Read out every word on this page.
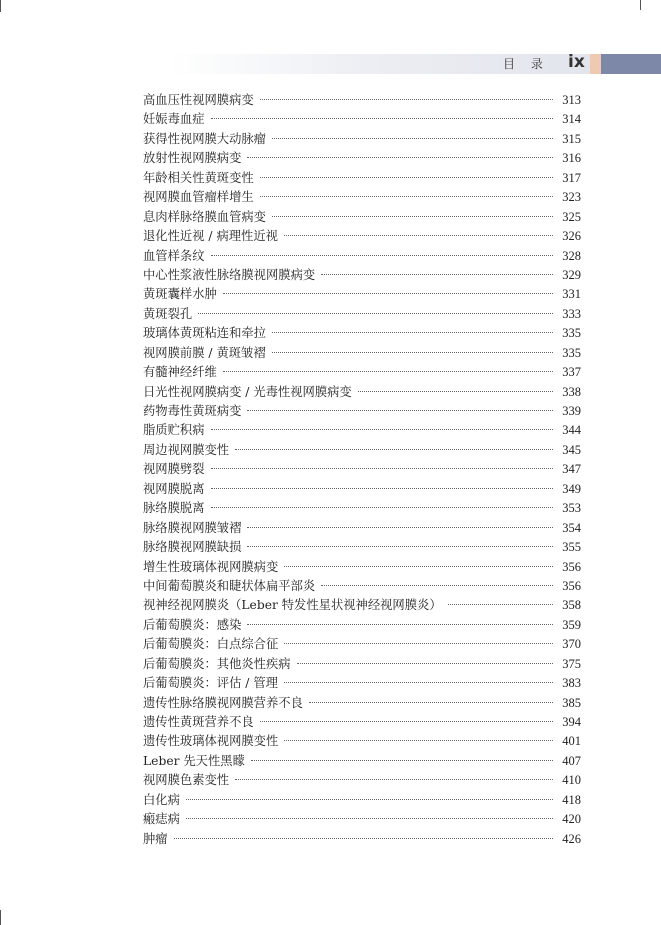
目 录 ix
高血压性视网膜病变	313
妊娠毒血症	314
获得性视网膜大动脉瘤	315
放射性视网膜病变	316
年龄相关性黄斑变性	317
视网膜血管瘤样增生	323
息肉样脉络膜血管病变	325
退化性近视 / 病理性近视	326
血管样条纹	328
中心性浆液性脉络膜视网膜病变	329
黄斑囊样水肿	331
黄斑裂孔	333
玻璃体黄斑粘连和牵拉	335
视网膜前膜 / 黄斑皱褶	335
有髓神经纤维	337
日光性视网膜病变 / 光毒性视网膜病变	338
药物毒性黄斑病变	339
脂质贮积病	344
周边视网膜变性	345
视网膜劈裂	347
视网膜脱离	349
脉络膜脱离	353
脉络膜视网膜皱褶	354
脉络膜视网膜缺损	355
增生性玻璃体视网膜病变	356
中间葡萄膜炎和睫状体扁平部炎	356
视神经视网膜炎（Leber 特发性星状视神经视网膜炎）	358
后葡萄膜炎：感染	359
后葡萄膜炎：白点综合征	370
后葡萄膜炎：其他炎性疾病	375
后葡萄膜炎：评估 / 管理	383
遗传性脉络膜视网膜营养不良	385
遗传性黄斑营养不良	394
遗传性玻璃体视网膜变性	401
Leber 先天性黑矇	407
视网膜色素变性	410
白化病	418
瘢痣病	420
肿瘤	426
